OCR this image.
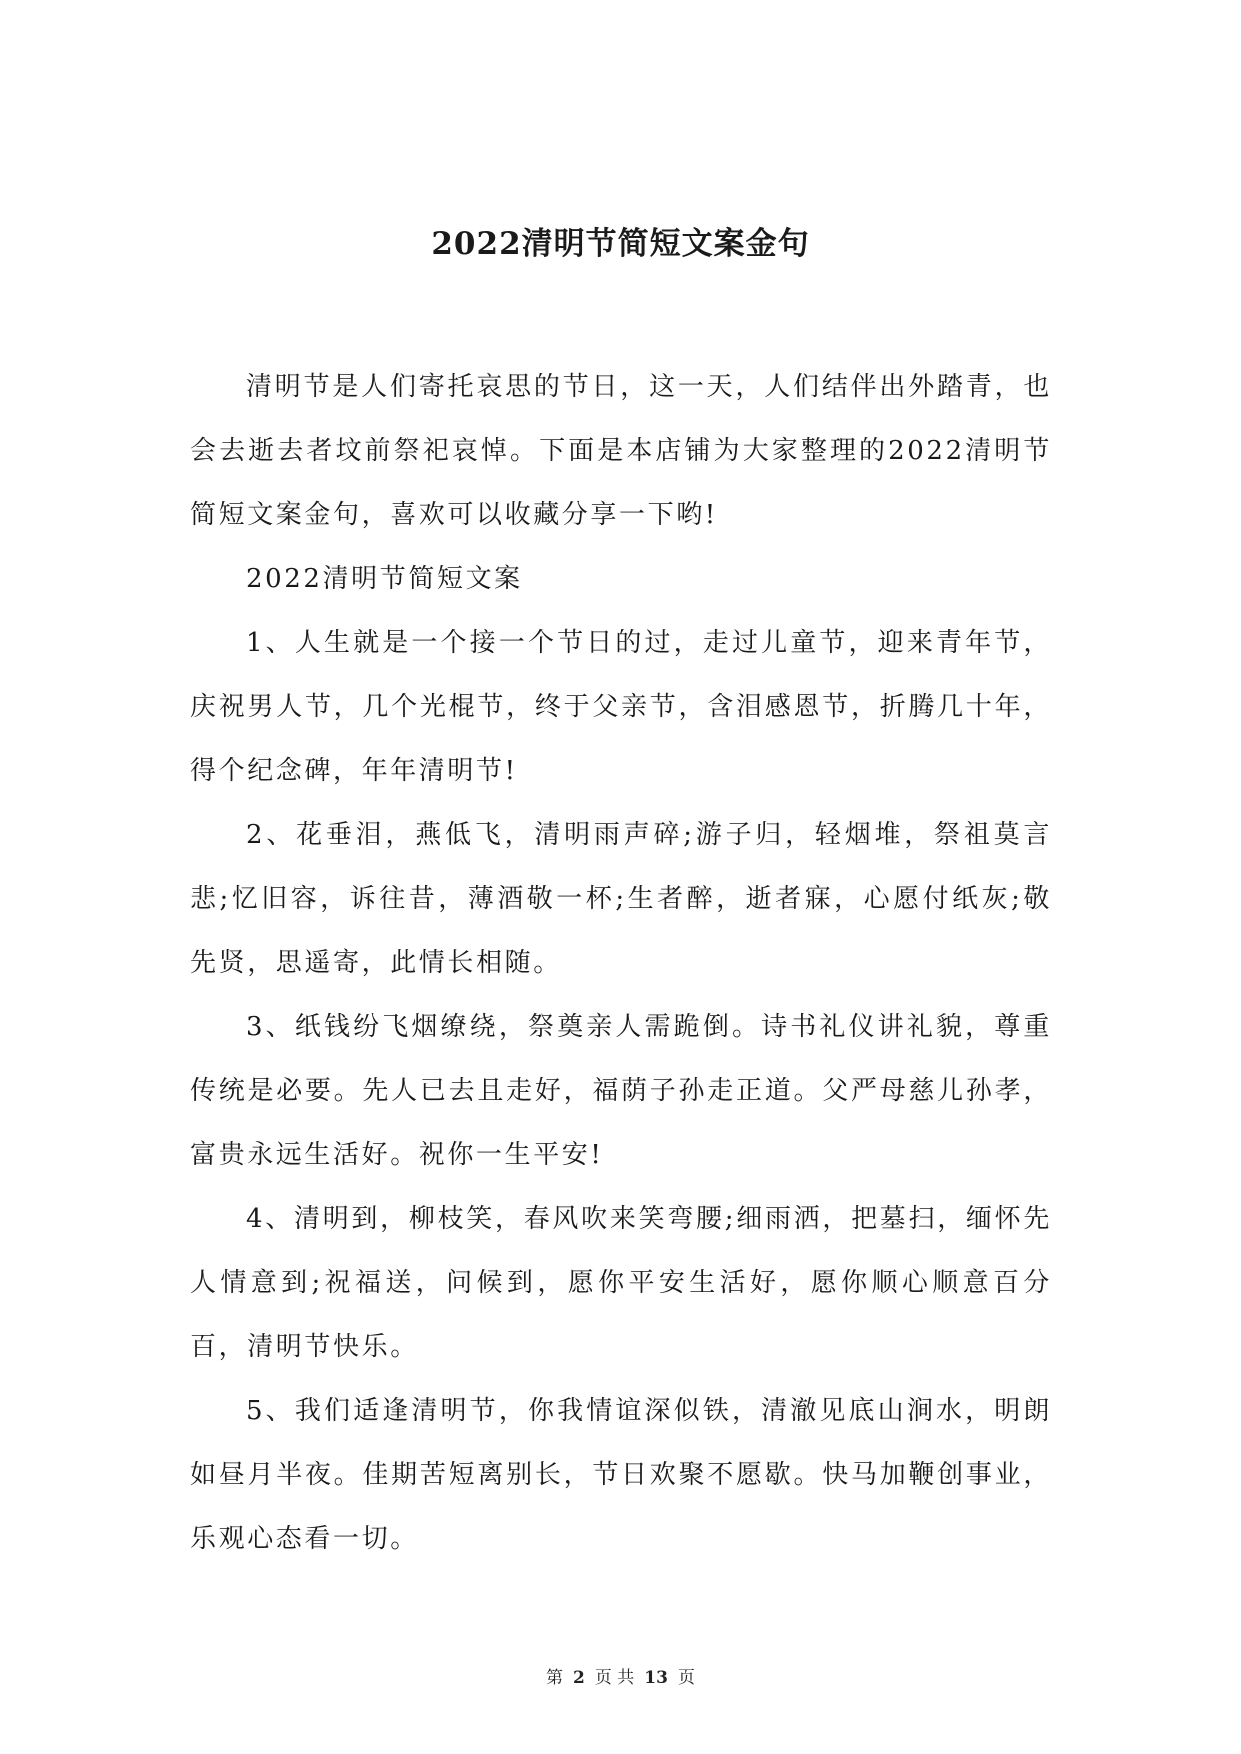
2022清明节简短文案金句

清明节是人们寄托哀思的节日，这一天，人们结伴出外踏青，也会去逝去者坟前祭祀哀悼。下面是本店铺为大家整理的2022清明节简短文案金句，喜欢可以收藏分享一下哟!

2022清明节简短文案

1、人生就是一个接一个节日的过，走过儿童节，迎来青年节，庆祝男人节，几个光棍节，终于父亲节，含泪感恩节，折腾几十年，得个纪念碑，年年清明节!

2、花垂泪，燕低飞，清明雨声碎;游子归，轻烟堆，祭祖莫言悲;忆旧容，诉往昔，薄酒敬一杯;生者醉，逝者寐，心愿付纸灰;敬先贤，思遥寄，此情长相随。

3、纸钱纷飞烟缭绕，祭奠亲人需跪倒。诗书礼仪讲礼貌，尊重传统是必要。先人已去且走好，福荫子孙走正道。父严母慈儿孙孝，富贵永远生活好。祝你一生平安!

4、清明到，柳枝笑，春风吹来笑弯腰;细雨洒，把墓扫，缅怀先人情意到;祝福送，问候到，愿你平安生活好，愿你顺心顺意百分百，清明节快乐。

5、我们适逢清明节，你我情谊深似铁，清澈见底山涧水，明朗如昼月半夜。佳期苦短离别长，节日欢聚不愿歇。快马加鞭创事业，乐观心态看一切。

第 2 页 共 13 页
